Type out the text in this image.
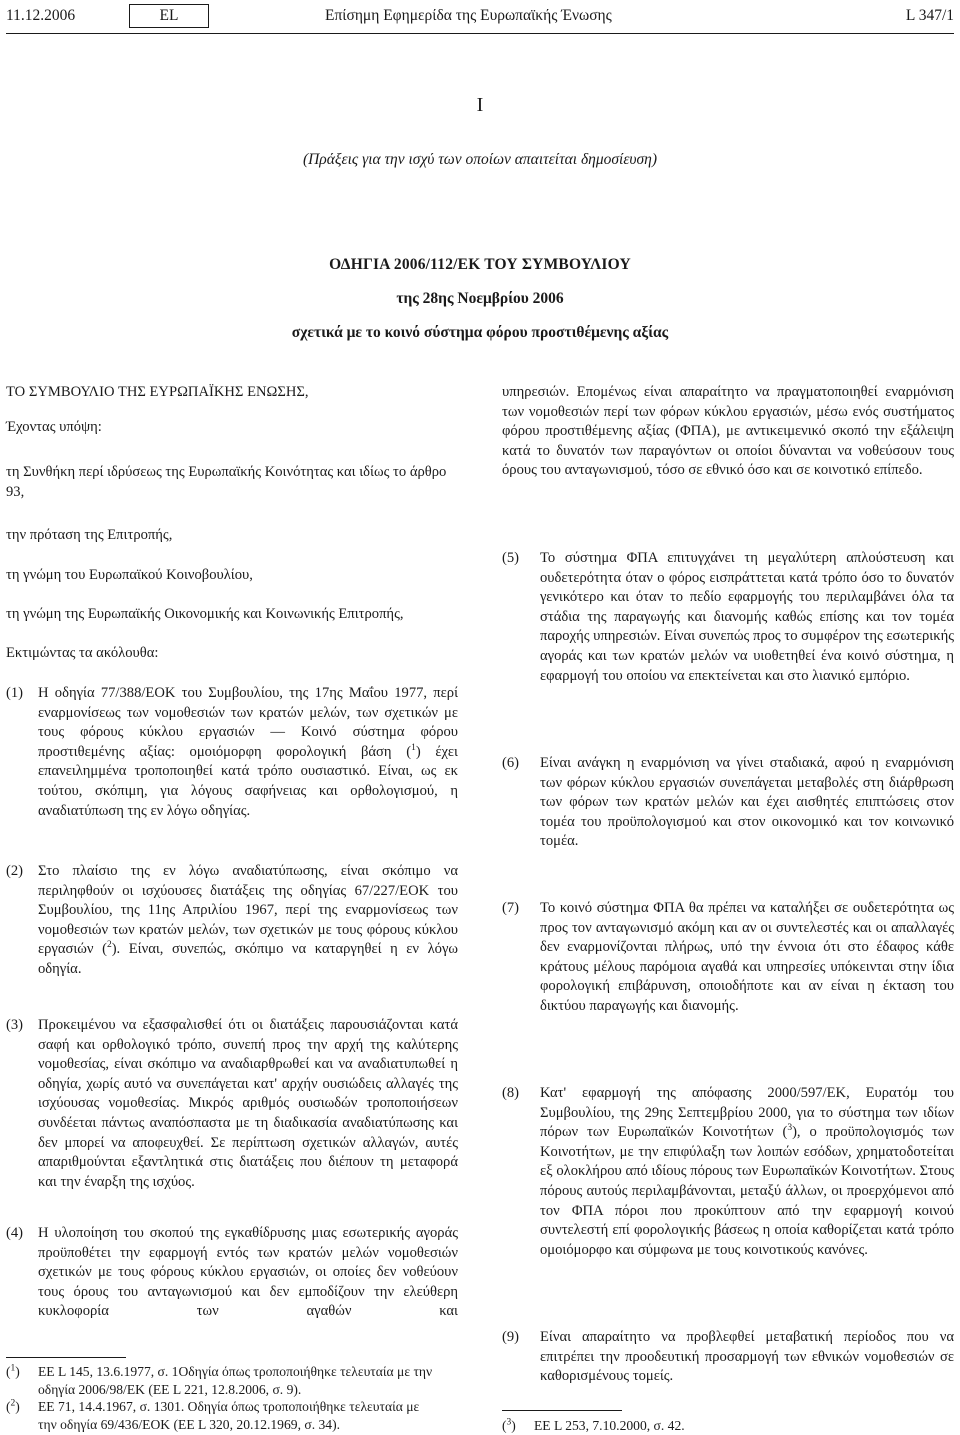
11.12.2006	EL	Επίσημη Εφημερίδα της Ευρωπαϊκής Ένωσης	L 347/1
I
(Πράξεις για την ισχύ των οποίων απαιτείται δημοσίευση)
ΟΔΗΓΙΑ 2006/112/ΕΚ ΤΟΥ ΣΥΜΒΟΥΛΙΟΥ
της 28ης Νοεμβρίου 2006
σχετικά με το κοινό σύστημα φόρου προστιθέμενης αξίας
ΤΟ ΣΥΜΒΟΥΛΙΟ ΤΗΣ ΕΥΡΩΠΑΪΚΗΣ ΕΝΩΣΗΣ,
Έχοντας υπόψη:
τη Συνθήκη περί ιδρύσεως της Ευρωπαϊκής Κοινότητας και ιδίως το άρθρο 93,
την πρόταση της Επιτροπής,
τη γνώμη του Ευρωπαϊκού Κοινοβουλίου,
τη γνώμη της Ευρωπαϊκής Οικονομικής και Κοινωνικής Επιτροπής,
Εκτιμώντας τα ακόλουθα:
(1) Η οδηγία 77/388/ΕΟΚ του Συμβουλίου, της 17ης Μαΐου 1977, περί εναρμονίσεως των νομοθεσιών των κρατών μελών, των σχετικών με τους φόρους κύκλου εργασιών — Κοινό σύστημα φόρου προστιθεμένης αξίας: ομοιόμορφη φορολογική βάση ($^1$) έχει επανειλημμένα τροποποιηθεί κατά τρόπο ουσιαστικό. Είναι, ως εκ τούτου, σκόπιμη, για λόγους σαφήνειας και ορθολογισμού, η αναδιατύπωση της εν λόγω οδηγίας.

(2) Στο πλαίσιο της εν λόγω αναδιατύπωσης, είναι σκόπιμο να περιληφθούν οι ισχύουσες διατάξεις της οδηγίας 67/227/ΕΟΚ του Συμβουλίου, της 11ης Απριλίου 1967, περί της εναρμονίσεως των νομοθεσιών των κρατών μελών, των σχετικών με τους φόρους κύκλου εργασιών ($^2$). Είναι, συνεπώς, σκόπιμο να καταργηθεί η εν λόγω οδηγία.

(3) Προκειμένου να εξασφαλισθεί ότι οι διατάξεις παρουσιάζονται κατά σαφή και ορθολογικό τρόπο, συνεπή προς την αρχή της καλύτερης νομοθεσίας, είναι σκόπιμο να αναδιαρθρωθεί και να αναδιατυπωθεί η οδηγία, χωρίς αυτό να συνεπάγεται κατ' αρχήν ουσιώδεις αλλαγές της ισχύουσας νομοθεσίας. Μικρός αριθμός ουσιωδών τροποποιήσεων συνδέεται πάντως αναπόσπαστα με τη διαδικασία αναδιατύπωσης και δεν μπορεί να αποφευχθεί. Σε περίπτωση σχετικών αλλαγών, αυτές απαριθμούνται εξαντλητικά στις διατάξεις που διέπουν τη μεταφορά και την έναρξη της ισχύος.

(4) Η υλοποίηση του σκοπού της εγκαθίδρυσης μιας εσωτερικής αγοράς προϋποθέτει την εφαρμογή εντός των κρατών μελών νομοθεσιών σχετικών με τους φόρους κύκλου εργασιών, οι οποίες δεν νοθεύουν τους όρους του ανταγωνισμού και δεν εμποδίζουν την ελεύθερη κυκλοφορία των αγαθών και

($^1$) ΕΕ L 145, 13.6.1977, σ. 1Οδηγία όπως τροποποιήθηκε τελευταία με την
οδηγία 2006/98/ΕΚ (ΕΕ L 221, 12.8.2006, σ. 9).
($^2$) ΕΕ 71, 14.4.1967, σ. 1301. Οδηγία όπως τροποποιήθηκε τελευταία με
την οδηγία 69/436/ΕΟΚ (ΕΕ L 320, 20.12.1969, σ. 34).
υπηρεσιών. Επομένως είναι απαραίτητο να πραγματοποιηθεί εναρμόνιση των νομοθεσιών περί των φόρων κύκλου εργασιών, μέσω ενός συστήματος φόρου προστιθέμενης αξίας (ΦΠΑ), με αντικειμενικό σκοπό την εξάλειψη κατά το δυνατόν των παραγόντων οι οποίοι δύνανται να νοθεύσουν τους όρους του ανταγωνισμού, τόσο σε εθνικό όσο και σε κοινοτικό επίπεδο.
(5) Το σύστημα ΦΠΑ επιτυγχάνει τη μεγαλύτερη απλούστευση και ουδετερότητα όταν ο φόρος εισπράττεται κατά τρόπο όσο το δυνατόν γενικότερο και όταν το πεδίο εφαρμογής του περιλαμβάνει όλα τα στάδια της παραγωγής και διανομής καθώς επίσης και τον τομέα παροχής υπηρεσιών. Είναι συνεπώς προς το συμφέρον της εσωτερικής αγοράς και των κρατών μελών να υιοθετηθεί ένα κοινό σύστημα, η εφαρμογή του οποίου να επεκτείνεται και στο λιανικό εμπόριο.

(6) Είναι ανάγκη η εναρμόνιση να γίνει σταδιακά, αφού η εναρμόνιση των φόρων κύκλου εργασιών συνεπάγεται μεταβολές στη διάρθρωση των φόρων των κρατών μελών και έχει αισθητές επιπτώσεις στον τομέα του προϋπολογισμού και στον οικονομικό και τον κοινωνικό τομέα.

(7) Το κοινό σύστημα ΦΠΑ θα πρέπει να καταλήξει σε ουδετερότητα ως προς τον ανταγωνισμό ακόμη και αν οι συντελεστές και οι απαλλαγές δεν εναρμονίζονται πλήρως, υπό την έννοια ότι στο έδαφος κάθε κράτους μέλους παρόμοια αγαθά και υπηρεσίες υπόκεινται στην ίδια φορολογική επιβάρυνση, οποιοδήποτε και αν είναι η έκταση του δικτύου παραγωγής και διανομής.

(8) Κατ' εφαρμογή της απόφασης 2000/597/ΕΚ, Ευρατόμ του Συμβουλίου, της 29ης Σεπτεμβρίου 2000, για το σύστημα των ιδίων πόρων των Ευρωπαϊκών Κοινοτήτων ($^3$), ο προϋπολογισμός των Κοινοτήτων, με την επιφύλαξη των λοιπών εσόδων, χρηματοδοτείται εξ ολοκλήρου από ιδίους πόρους των Ευρωπαϊκών Κοινοτήτων. Στους πόρους αυτούς περιλαμβάνονται, μεταξύ άλλων, οι προερχόμενοι από τον ΦΠΑ πόροι που προκύπτουν από την εφαρμογή κοινού συντελεστή επί φορολογικής βάσεως η οποία καθορίζεται κατά τρόπο ομοιόμορφο και σύμφωνα με τους κοινοτικούς κανόνες.

(9) Είναι απαραίτητο να προβλεφθεί μεταβατική περίοδος που να επιτρέπει την προοδευτική προσαρμογή των εθνικών νομοθεσιών σε καθορισμένους τομείς.

($^3$) ΕΕ L 253, 7.10.2000, σ. 42.
